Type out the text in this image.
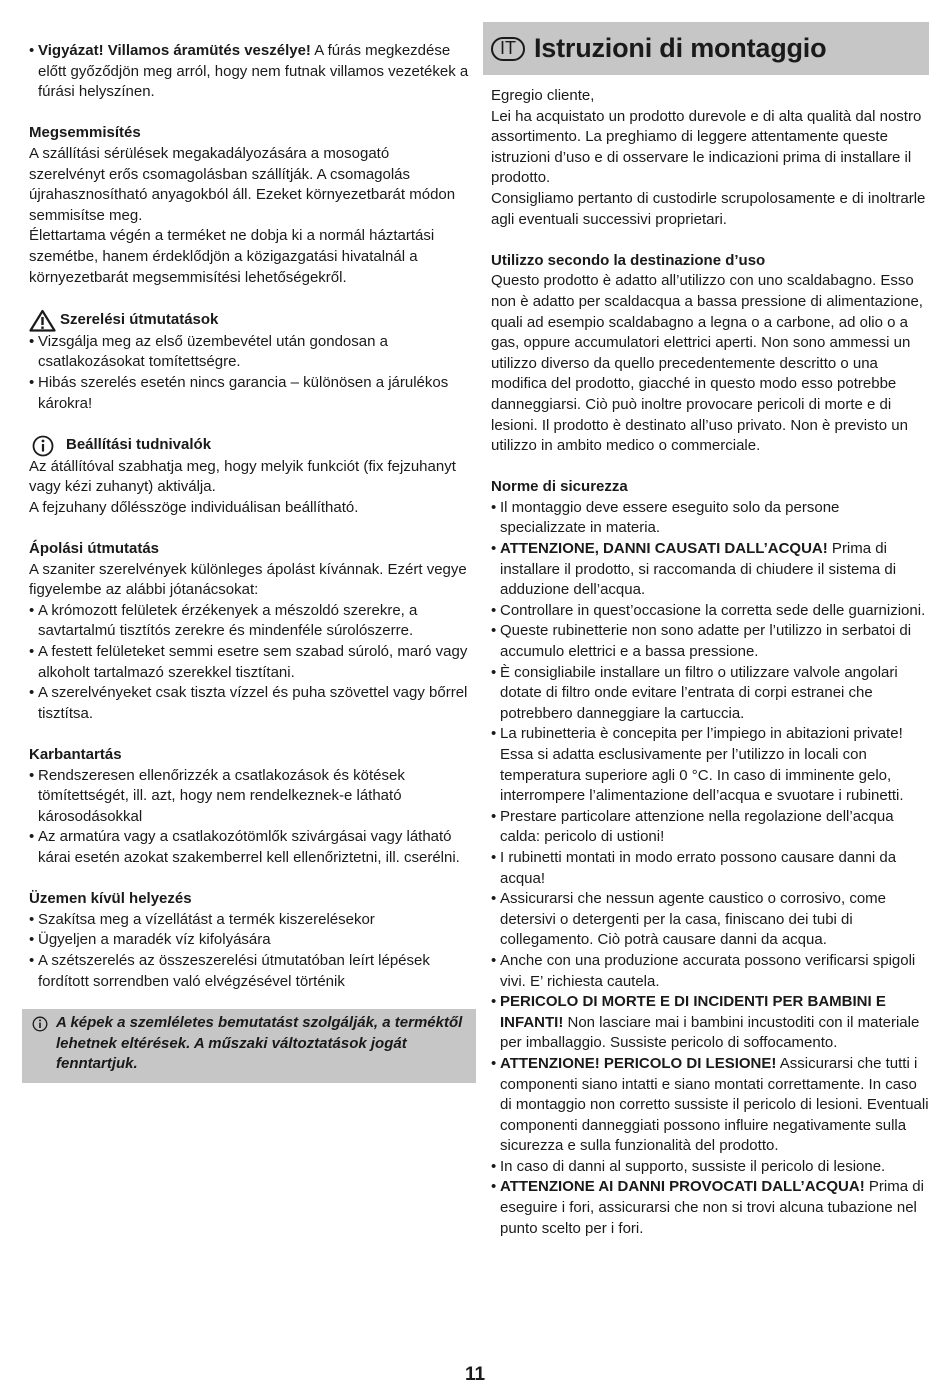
• Vigyázat! Villamos áramütés veszélye! A fúrás megkezdése előtt győződjön meg arról, hogy nem futnak villamos vezetékek a fúrási helyszínen.

Megsemmisítés

A szállítási sérülések megakadályozására a mosogató szerelvényt erős csomagolásban szállítják. A csomagolás újrahasznosítható anyagokból áll. Ezeket környezetbarát módon semmisítse meg.

Élettartama végén a terméket ne dobja ki a normál háztartási szemétbe, hanem érdeklődjön a közigazgatási hivatalnál a környezetbarát megsemmisítési lehetőségekről.

Szerelési útmutatások

• Vizsgálja meg az első üzembevétel után gondosan a csatlakozásokat tomítettségre.

• Hibás szerelés esetén nincs garancia – különösen a járulékos károkra!

Beállítási tudnivalók

Az átállítóval szabhatja meg, hogy melyik funkciót (fix fejzuhanyt vagy kézi zuhanyt) aktiválja.

A fejzuhany dőlésszöge individuálisan beállítható.

Ápolási útmutatás

A szaniter szerelvények különleges ápolást kívánnak. Ezért vegye figyelembe az alábbi jótanácsokat:

• A krómozott felületek érzékenyek a mészoldó szerekre, a savtartalmú tisztítós zerekre és mindenféle súrolószerre.

• A festett felületeket semmi esetre sem szabad súroló, maró vagy alkoholt tartalmazó szerekkel tisztítani.

• A szerelvényeket csak tiszta vízzel és puha szövettel vagy bőrrel tisztítsa.

Karbantartás

• Rendszeresen ellenőrizzék a csatlakozások és kötések tömítettségét, ill. azt, hogy nem rendelkeznek-e látható károsodásokkal

• Az armatúra vagy a csatlakozótömlők szivárgásai vagy látható kárai esetén azokat szakemberrel kell ellenőriztetni, ill. cserélni.

Üzemen kívül helyezés

• Szakítsa meg a vízellátást a termék kiszerelésekor

• Ügyeljen a maradék víz kifolyására

• A szétszerelés az összeszerelési útmutatóban leírt lépések fordított sorrendben való elvégzésével történik

A képek a szemléletes bemutatást szolgálják, a terméktől lehetnek eltérések. A műszaki változtatások jogát fenntartjuk.
IT Istruzioni di montaggio

Egregio cliente,

Lei ha acquistato un prodotto durevole e di alta qualità dal nostro assortimento. La preghiamo di leggere attentamente queste istruzioni d’uso e di osservare le indicazioni prima di installare il prodotto.

Consigliamo pertanto di custodirle scrupolosamente e di inoltrarle agli eventuali successivi proprietari.

Utilizzo secondo la destinazione d’uso

Questo prodotto è adatto all’utilizzo con uno scaldabagno. Esso non è adatto per scaldacqua a bassa pressione di alimentazione, quali ad esempio scaldabagno a legna o a carbone, ad olio o a gas, oppure accumulatori elettrici aperti. Non sono ammessi un utilizzo diverso da quello precedentemente descritto o una modifica del prodotto, giacché in questo modo esso potrebbe danneggiarsi. Ciò può inoltre provocare pericoli di morte e di lesioni. Il prodotto è destinato all’uso privato. Non è previsto un utilizzo in ambito medico o commerciale.

Norme di sicurezza

• Il montaggio deve essere eseguito solo da persone specializzate in materia.

• ATTENZIONE, DANNI CAUSATI DALL’ACQUA! Prima di installare il prodotto, si raccomanda di chiudere il sistema di adduzione dell’acqua.

• Controllare in quest’occasione la corretta sede delle guarnizioni.

• Queste rubinetterie non sono adatte per l’utilizzo in serbatoi di accumulo elettrici e a bassa pressione.

• È consigliabile installare un filtro o utilizzare valvole angolari dotate di filtro onde evitare l’entrata di corpi estranei che potrebbero danneggiare la cartuccia.

• La rubinetteria è concepita per l’impiego in abitazioni private! Essa si adatta esclusivamente per l’utilizzo in locali con temperatura superiore agli 0 °C. In caso di imminente gelo, interrompere l’alimentazione dell’acqua e svuotare i rubinetti.

• Prestare particolare attenzione nella regolazione dell’acqua calda: pericolo di ustioni!

• I rubinetti montati in modo errato possono causare danni da acqua!

• Assicurarsi che nessun agente caustico o corrosivo, come detersivi o detergenti per la casa, finiscano dei tubi di collegamento. Ciò potrà causare danni da acqua.

• Anche con una produzione accurata possono verificarsi spigoli vivi. E’ richiesta cautela.

• PERICOLO DI MORTE E DI INCIDENTI PER BAMBINI E INFANTI! Non lasciare mai i bambini incustoditi con il materiale per imballaggio. Sussiste pericolo di soffocamento.

• ATTENZIONE! PERICOLO DI LESIONE! Assicurarsi che tutti i componenti siano intatti e siano montati correttamente. In caso di montaggio non corretto sussiste il pericolo di lesioni. Eventuali componenti danneggiati possono influire negativamente sulla sicurezza e sulla funzionalità del prodotto.

• In caso di danni al supporto, sussiste il pericolo di lesione.

• ATTENZIONE AI DANNI PROVOCATI DALL’ACQUA! Prima di eseguire i fori, assicurarsi che non si trovi alcuna tubazione nel punto scelto per i fori.

11
